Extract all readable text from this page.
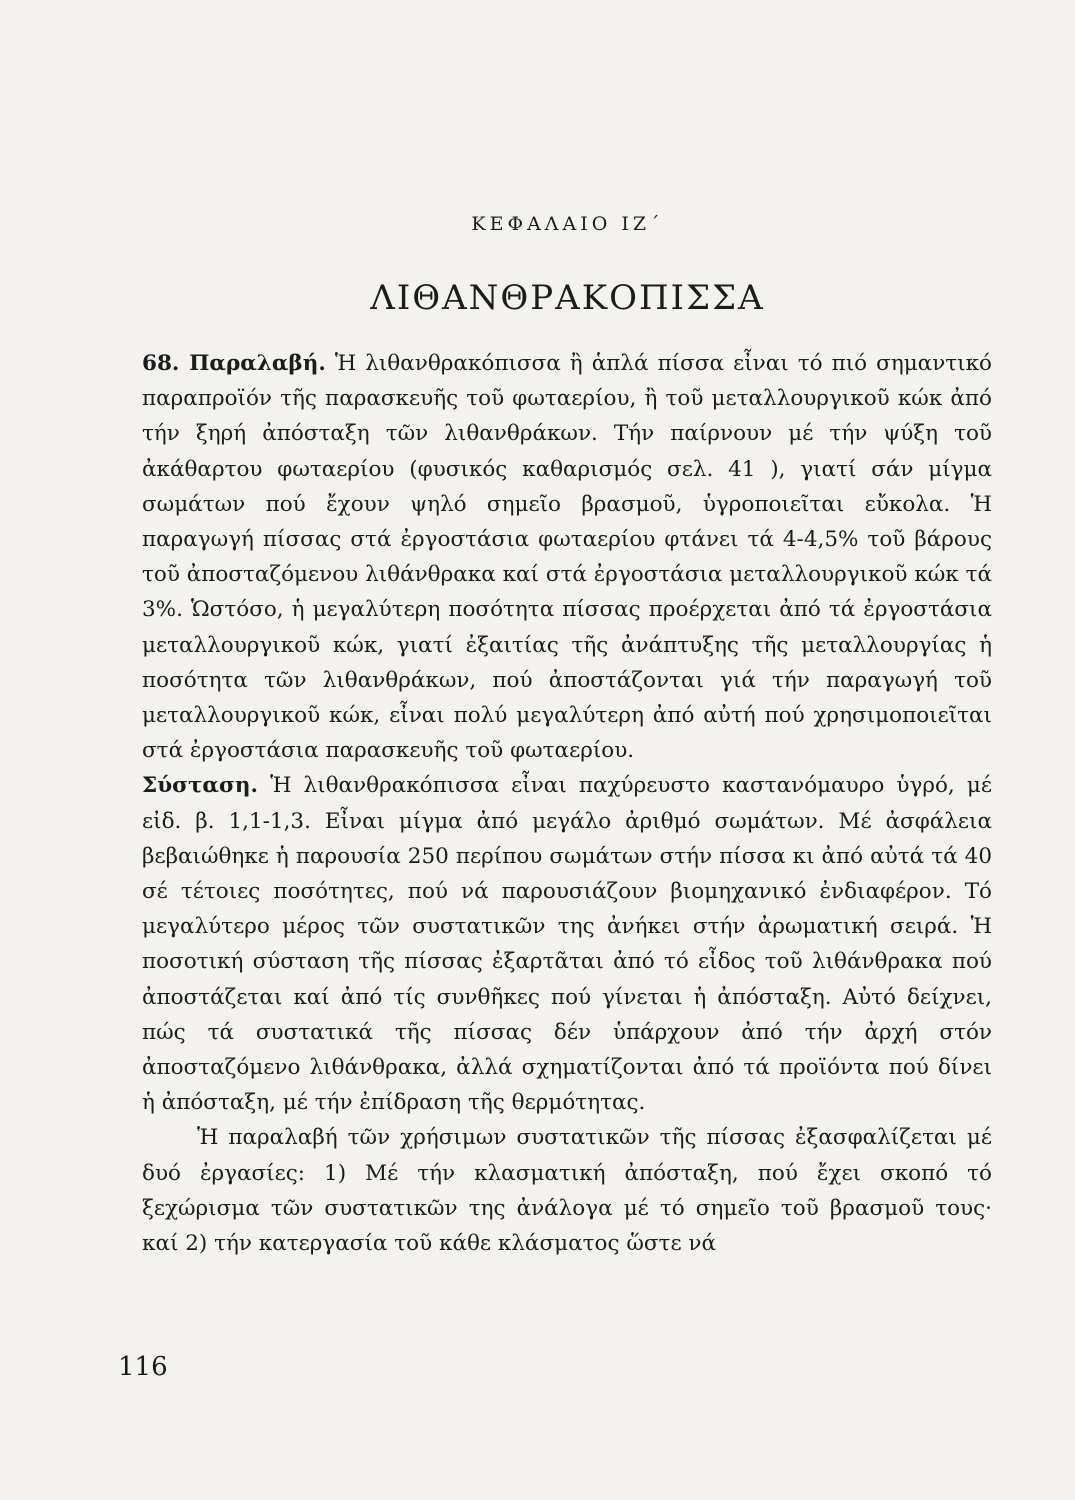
ΚΕΦΑΛΑΙΟ ΙΖ΄
ΛΙΘΑΝΘΡΑΚΟΠΙΣΣΑ

68. Παραλαβή. Ἡ λιθανθρακόπισσα ἢ ἁπλά πίσσα εἶναι τό πιό σημαντικό παραπροϊόν τῆς παρασκευῆς τοῦ φωταερίου, ἢ τοῦ μεταλλουργικοῦ κώκ ἀπό τήν ξηρή ἀπόσταξη τῶν λιθανθράκων. Τήν παίρνουν μέ τήν ψύξη τοῦ ἀκάθαρτου φωταερίου (φυσικός καθαρισμός σελ. 41 ), γιατί σάν μίγμα σωμάτων πού ἔχουν ψηλό σημεῖο βρασμοῦ, ὑγροποιεῖται εὔκολα. Ἡ παραγωγή πίσσας στά ἐργοστάσια φωταερίου φτάνει τά 4-4,5% τοῦ βάρους τοῦ ἀποσταζόμενου λιθάνθρακα καί στά ἐργοστάσια μεταλλουργικοῦ κώκ τά 3%. Ὡστόσο, ἡ μεγαλύτερη ποσότητα πίσσας προέρχεται ἀπό τά ἐργοστάσια μεταλλουργικοῦ κώκ, γιατί ἐξαιτίας τῆς ἀνάπτυξης τῆς μεταλλουργίας ἡ ποσότητα τῶν λιθανθράκων, πού ἀποστάζονται γιά τήν παραγωγή τοῦ μεταλλουργικοῦ κώκ, εἶναι πολύ μεγαλύτερη ἀπό αὐτή πού χρησιμοποιεῖται στά ἐργοστάσια παρασκευῆς τοῦ φωταερίου.

Σύσταση. Ἡ λιθανθρακόπισσα εἶναι παχύρευστο καστανόμαυρο ὑγρό, μέ εἰδ. β. 1,1-1,3. Εἶναι μίγμα ἀπό μεγάλο ἀριθμό σωμάτων. Μέ ἀσφάλεια βεβαιώθηκε ἡ παρουσία 250 περίπου σωμάτων στήν πίσσα κι ἀπό αὐτά τά 40 σέ τέτοιες ποσότητες, πού νά παρουσιάζουν βιομηχανικό ἐνδιαφέρον. Τό μεγαλύτερο μέρος τῶν συστατικῶν της ἀνήκει στήν ἀρωματική σειρά. Ἡ ποσοτική σύσταση τῆς πίσσας ἐξαρτᾶται ἀπό τό εἶδος τοῦ λιθάνθρακα πού ἀποστάζεται καί ἀπό τίς συνθῆκες πού γίνεται ἡ ἀπόσταξη. Αὐτό δείχνει, πώς τά συστατικά τῆς πίσσας δέν ὑπάρχουν ἀπό τήν ἀρχή στόν ἀποσταζόμενο λιθάνθρακα, ἀλλά σχηματίζονται ἀπό τά προϊόντα πού δίνει ἡ ἀπόσταξη, μέ τήν ἐπίδραση τῆς θερμότητας.

Ἡ παραλαβή τῶν χρήσιμων συστατικῶν τῆς πίσσας ἐξασφαλίζεται μέ δυό ἐργασίες: 1) Μέ τήν κλασματική ἀπόσταξη, πού ἔχει σκοπό τό ξεχώρισμα τῶν συστατικῶν της ἀνάλογα μέ τό σημεῖο τοῦ βρασμοῦ τους· καί 2) τήν κατεργασία τοῦ κάθε κλάσματος ὥστε νά

116
